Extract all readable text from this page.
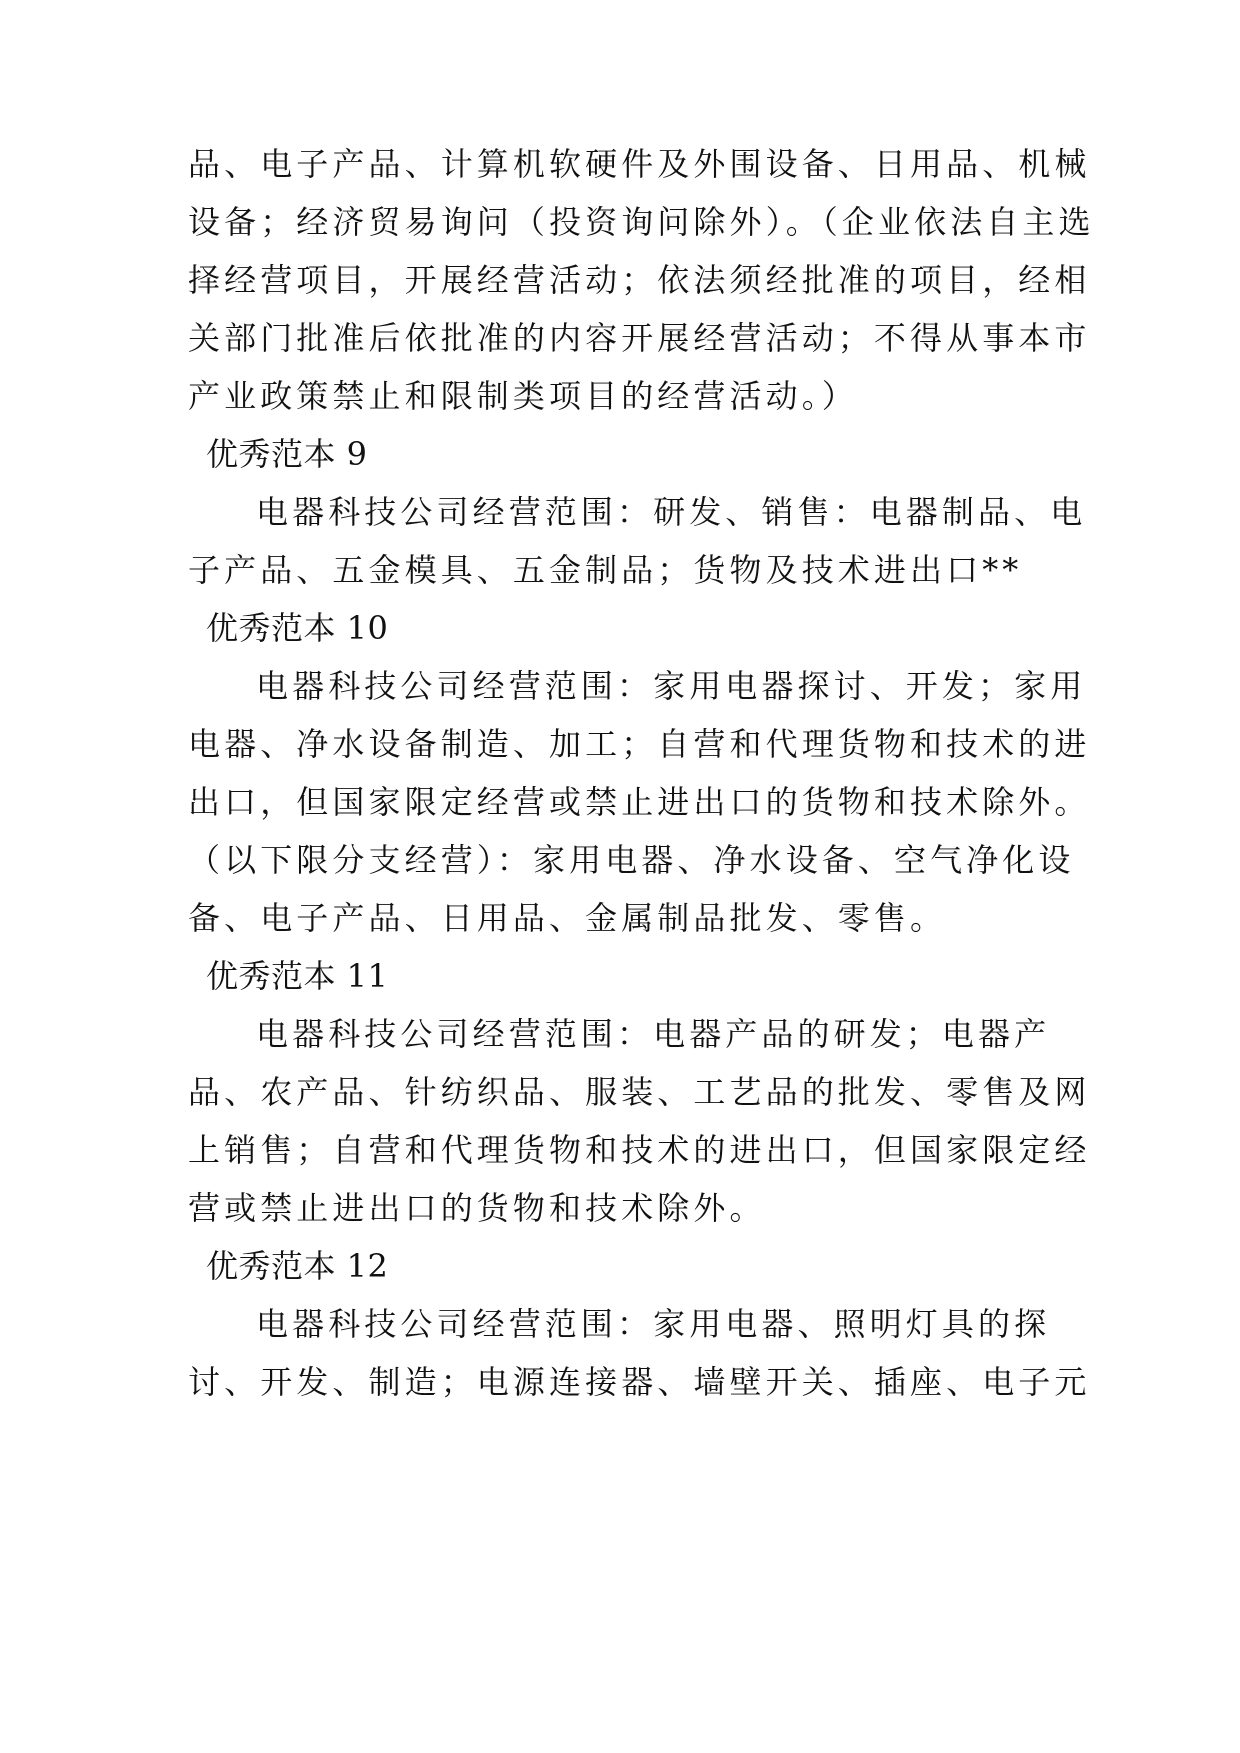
品、电子产品、计算机软硬件及外围设备、日用品、机械
设备；经济贸易询问（投资询问除外）。（企业依法自主选
择经营项目，开展经营活动；依法须经批准的项目，经相
关部门批准后依批准的内容开展经营活动；不得从事本市
产业政策禁止和限制类项目的经营活动。）
优秀范本 9
电器科技公司经营范围：研发、销售：电器制品、电
子产品、五金模具、五金制品；货物及技术进出口**
优秀范本 10
电器科技公司经营范围：家用电器探讨、开发；家用
电器、净水设备制造、加工；自营和代理货物和技术的进
出口，但国家限定经营或禁止进出口的货物和技术除外。
（以下限分支经营）：家用电器、净水设备、空气净化设
备、电子产品、日用品、金属制品批发、零售。
优秀范本 11
电器科技公司经营范围：电器产品的研发；电器产
品、农产品、针纺织品、服装、工艺品的批发、零售及网
上销售；自营和代理货物和技术的进出口，但国家限定经
营或禁止进出口的货物和技术除外。
优秀范本 12
电器科技公司经营范围：家用电器、照明灯具的探
讨、开发、制造；电源连接器、墙壁开关、插座、电子元
